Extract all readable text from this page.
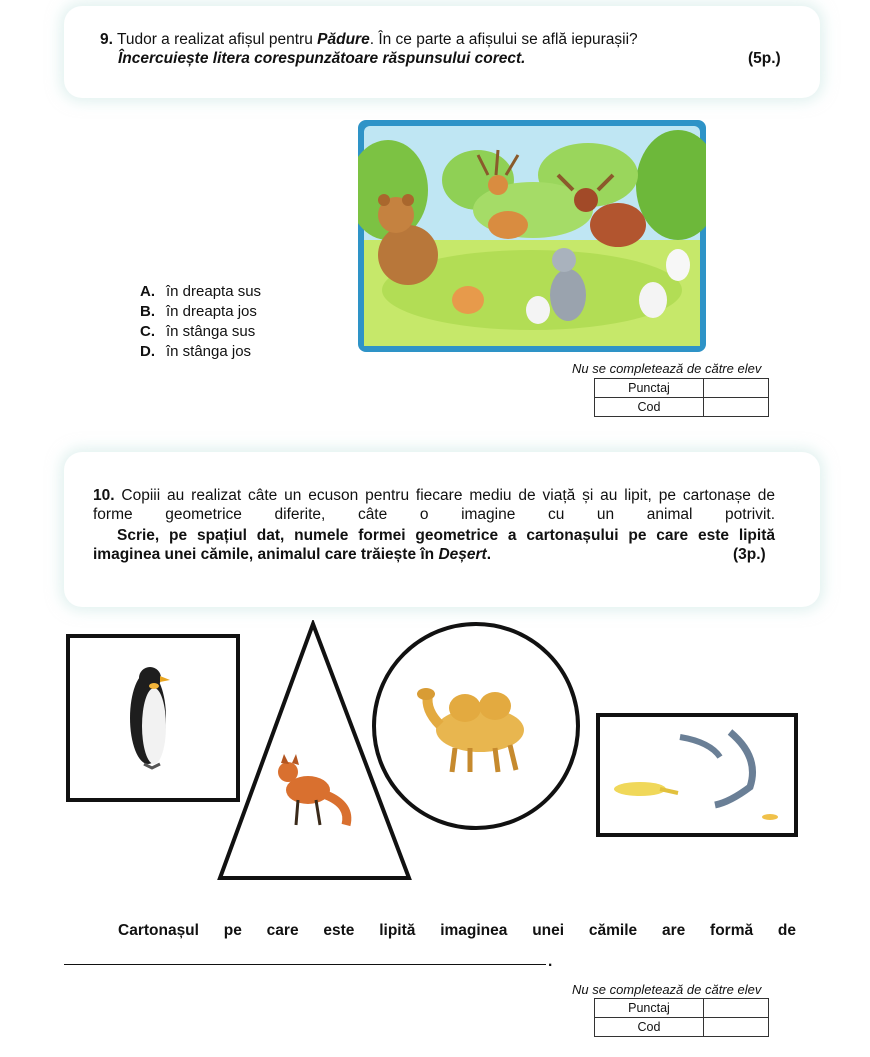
9. Tudor a realizat afișul pentru Pădure. În ce parte a afișului se află iepurașii?
Încercuiește litera corespunzătoare răspunsului corect.	(5p.)
A. în dreapta sus
B. în dreapta jos
C. în stânga sus
D. în stânga jos
Nu se completează de către elev
Punctaj	
Cod	
10. Copiii au realizat câte un ecuson pentru fiecare mediu de viață și au lipit, pe cartonașe de forme geometrice diferite, câte o imagine cu un animal potrivit.
Scrie, pe spațiul dat, numele formei geometrice a cartonașului pe care este lipită imaginea unei cămile, animalul care trăiește în Deșert.	(3p.)
Cartonașul pe care este lipită imaginea unei cămile are formă de
.
Nu se completează de către elev
Punctaj	
Cod	
